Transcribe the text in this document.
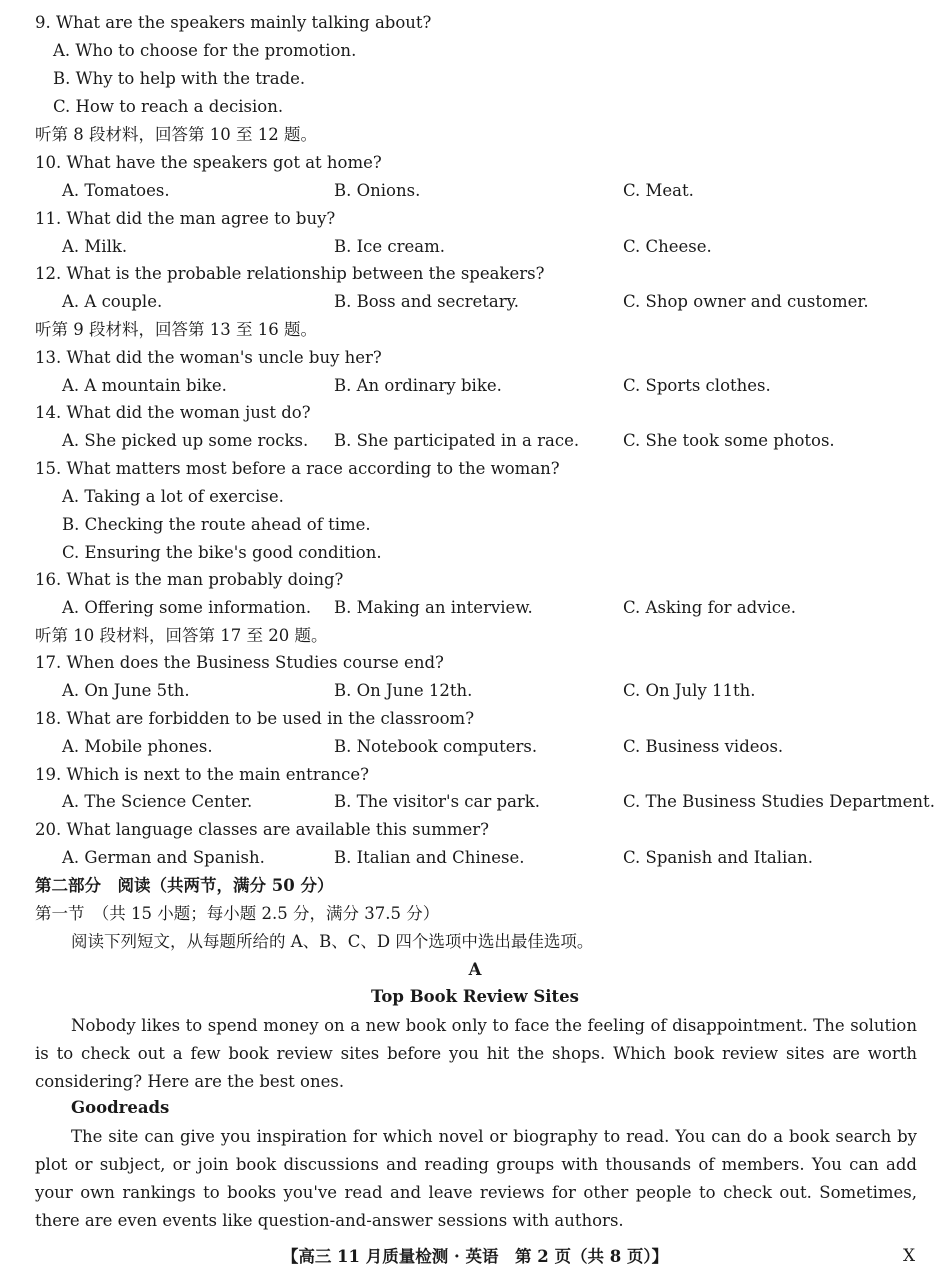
9. What are the speakers mainly talking about?
A. Who to choose for the promotion.
B. Why to help with the trade.
C. How to reach a decision.
听第 8 段材料，回答第 10 至 12 题。
10. What have the speakers got at home?
A. Tomatoes.	B. Onions.	C. Meat.
11. What did the man agree to buy?
A. Milk.	B. Ice cream.	C. Cheese.
12. What is the probable relationship between the speakers?
A. A couple.	B. Boss and secretary.	C. Shop owner and customer.
听第 9 段材料，回答第 13 至 16 题。
13. What did the woman's uncle buy her?
A. A mountain bike.	B. An ordinary bike.	C. Sports clothes.
14. What did the woman just do?
A. She picked up some rocks. B. She participated in a race.	C. She took some photos.
15. What matters most before a race according to the woman?
A. Taking a lot of exercise.
B. Checking the route ahead of time.
C. Ensuring the bike's good condition.
16. What is the man probably doing?
A. Offering some information. B. Making an interview.	C. Asking for advice.
听第 10 段材料，回答第 17 至 20 题。
17. When does the Business Studies course end?
A. On June 5th.	B. On June 12th.	C. On July 11th.
18. What are forbidden to be used in the classroom?
A. Mobile phones.	B. Notebook computers.	C. Business videos.
19. Which is next to the main entrance?
A. The Science Center.	B. The visitor's car park.	C. The Business Studies Department.
20. What language classes are available this summer?
A. German and Spanish.	B. Italian and Chinese.	C. Spanish and Italian.
第二部分　阅读（共两节，满分 50 分）
第一节　（共 15 小题；每小题 2.5 分，满分 37.5 分）
阅读下列短文，从每题所给的 A、B、C、D 四个选项中选出最佳选项。
A
Top Book Review Sites
Nobody likes to spend money on a new book only to face the feeling of disappointment. The solution is to check out a few book review sites before you hit the shops. Which book review sites are worth considering? Here are the best ones.
Goodreads
The site can give you inspiration for which novel or biography to read. You can do a book search by plot or subject, or join book discussions and reading groups with thousands of members. You can add your own rankings to books you've read and leave reviews for other people to check out. Sometimes, there are even events like question-and-answer sessions with authors.
【高三 11 月质量检测 · 英语　第 2 页（共 8 页）】	X
